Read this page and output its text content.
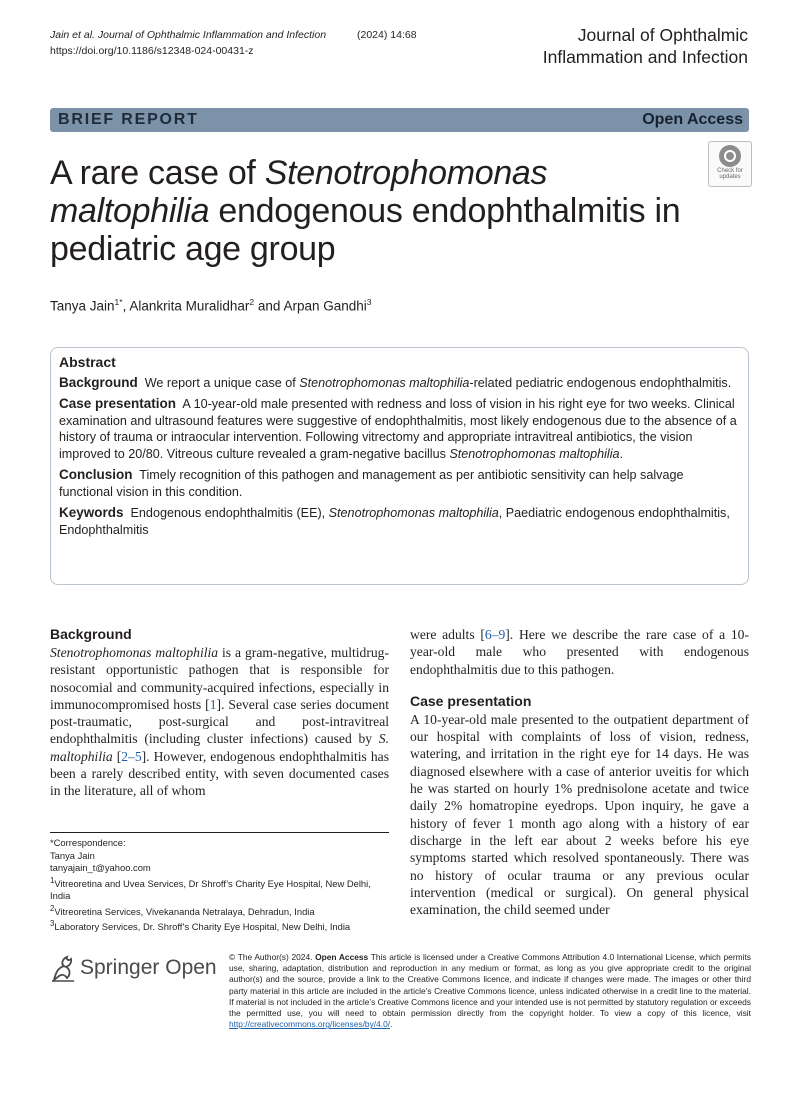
Jain et al. Journal of Ophthalmic Inflammation and Infection	(2024) 14:68
https://doi.org/10.1186/s12348-024-00431-z
Journal of Ophthalmic
Inflammation and Infection
BRIEF REPORT	Open Access
A rare case of Stenotrophomonas maltophilia endogenous endophthalmitis in pediatric age group
Check for
updates
Tanya Jain$^{1*}$, Alankrita Muralidhar$^2$ and Arpan Gandhi$^3$
Abstract

Background We report a unique case of Stenotrophomonas maltophilia-related pediatric endogenous endophthalmitis.

Case presentation A 10-year-old male presented with redness and loss of vision in his right eye for two weeks. Clinical examination and ultrasound features were suggestive of endophthalmitis, most likely endogenous due to the absence of a history of trauma or intraocular intervention. Following vitrectomy and appropriate intravitreal antibiotics, the vision improved to 20/80. Vitreous culture revealed a gram-negative bacillus Stenotrophomonas maltophilia.

Conclusion Timely recognition of this pathogen and management as per antibiotic sensitivity can help salvage functional vision in this condition.

Keywords Endogenous endophthalmitis (EE), Stenotrophomonas maltophilia, Paediatric endogenous endophthalmitis, Endophthalmitis

Background

Stenotrophomonas maltophilia is a gram-negative, multidrug-resistant opportunistic pathogen that is responsible for nosocomial and community-acquired infections, especially in immunocompromised hosts [1]. Several case series document post-traumatic, post-surgical and post-intravitreal endophthalmitis (including cluster infections) caused by S. maltophilia [2–5]. However, endogenous endophthalmitis has been a rarely described entity, with seven documented cases in the literature, all of whom

were adults [6–9]. Here we describe the rare case of a 10-year-old male who presented with endogenous endophthalmitis due to this pathogen.

Case presentation

A 10-year-old male presented to the outpatient department of our hospital with complaints of loss of vision, redness, watering, and irritation in the right eye for 14 days. He was diagnosed elsewhere with a case of anterior uveitis for which he was started on hourly 1% prednisolone acetate and twice daily 2% homatropine eyedrops. Upon inquiry, he gave a history of fever 1 month ago along with a history of ear discharge in the left ear about 2 weeks before his eye symptoms started which resolved spontaneously. There was no history of ocular trauma or any previous ocular intervention (medical or surgical). On general physical examination, the child seemed under

*Correspondence:
Tanya Jain
tanyajain_t@yahoo.com
$^1$Vitreoretina and Uvea Services, Dr Shroff’s Charity Eye Hospital, New Delhi, India
$^2$Vitreoretina Services, Vivekananda Netralaya, Dehradun, India
$^3$Laboratory Services, Dr. Shroff’s Charity Eye Hospital, New Delhi, India
Springer Open © The Author(s) 2024. Open Access This article is licensed under a Creative Commons Attribution 4.0 International License, which permits use, sharing, adaptation, distribution and reproduction in any medium or format, as long as you give appropriate credit to the original author(s) and the source, provide a link to the Creative Commons licence, and indicate if changes were made. The images or other third party material in this article are included in the article’s Creative Commons licence, unless indicated otherwise in a credit line to the material. If material is not included in the article’s Creative Commons licence and your intended use is not permitted by statutory regulation or exceeds the permitted use, you will need to obtain permission directly from the copyright holder. To view a copy of this licence, visit http://creativecommons.org/licenses/by/4.0/.
